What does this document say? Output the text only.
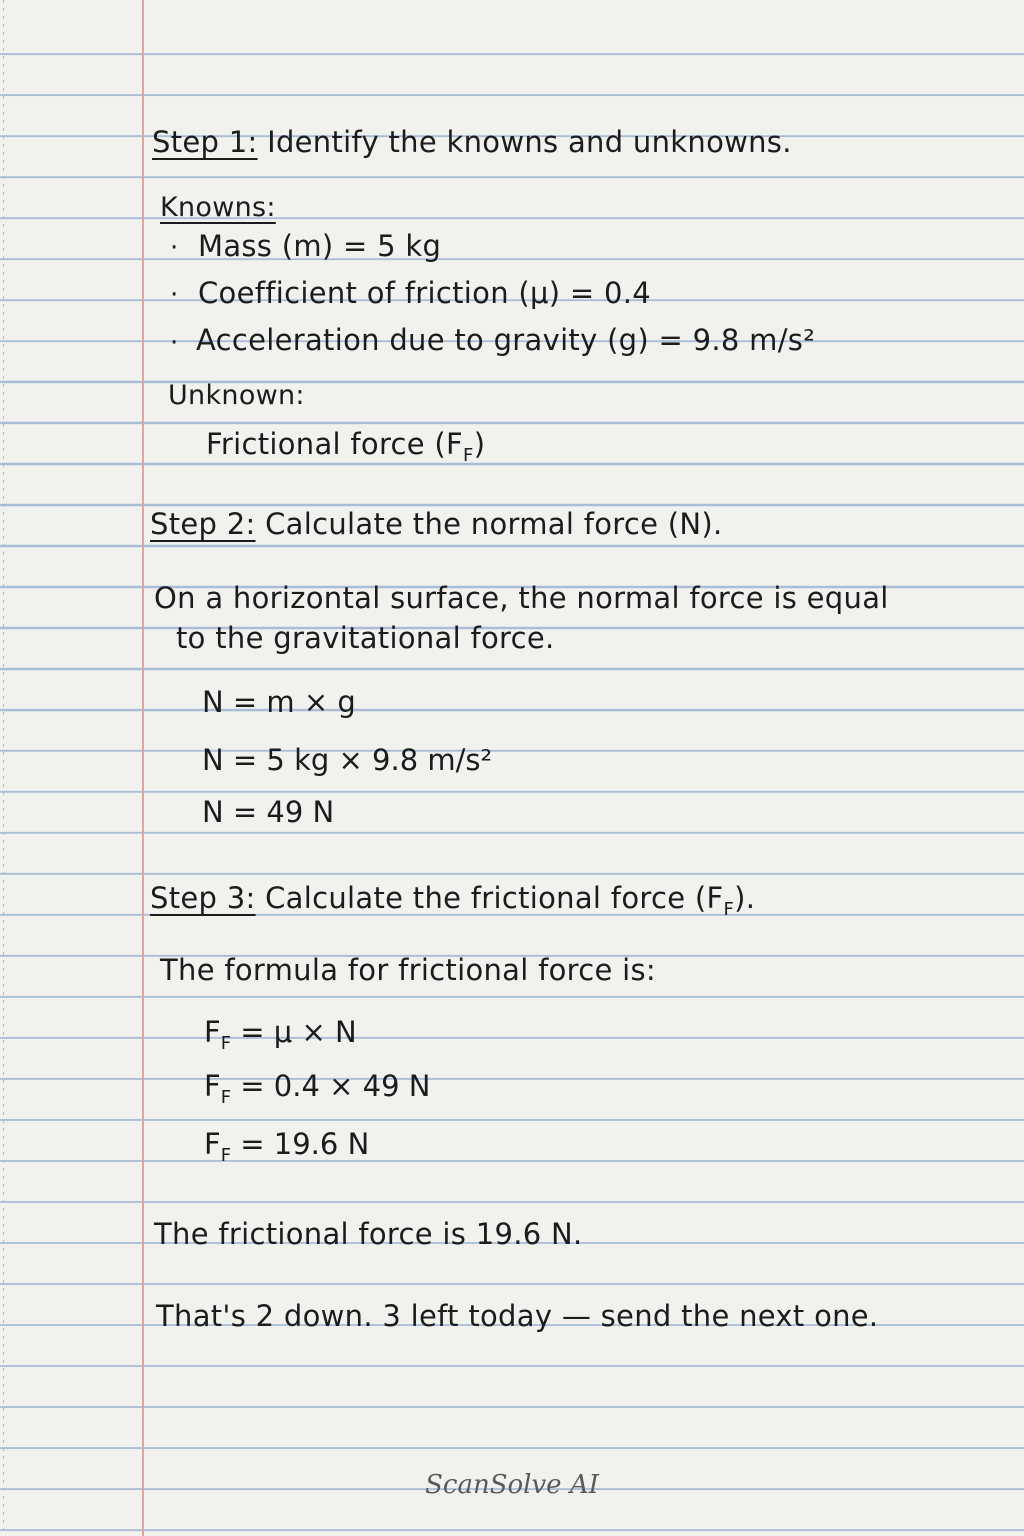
Step 1: Identify the knowns and unknowns.
Knowns:
· Mass (m) = 5 kg
· Coefficient of friction (μ) = 0.4
· Acceleration due to gravity (g) = 9.8 m/s²
Unknown:
Frictional force $(F_F)$
Step 2: Calculate the normal force (N).
On a horizontal surface, the normal force is equal
to the gravitational force.
N = m × g
N = 5 kg × 9.8 m/s²
N = 49 N
Step 3: Calculate the frictional force $(F_F)$.
The formula for frictional force is:
$F_F = \mu \times N$
$F_F = 0.4 \times 49$ N
$F_F = 19.6$ N
The frictional force is 19.6 N.
That's 2 down. 3 left today — send the next one.
ScanSolve AI
